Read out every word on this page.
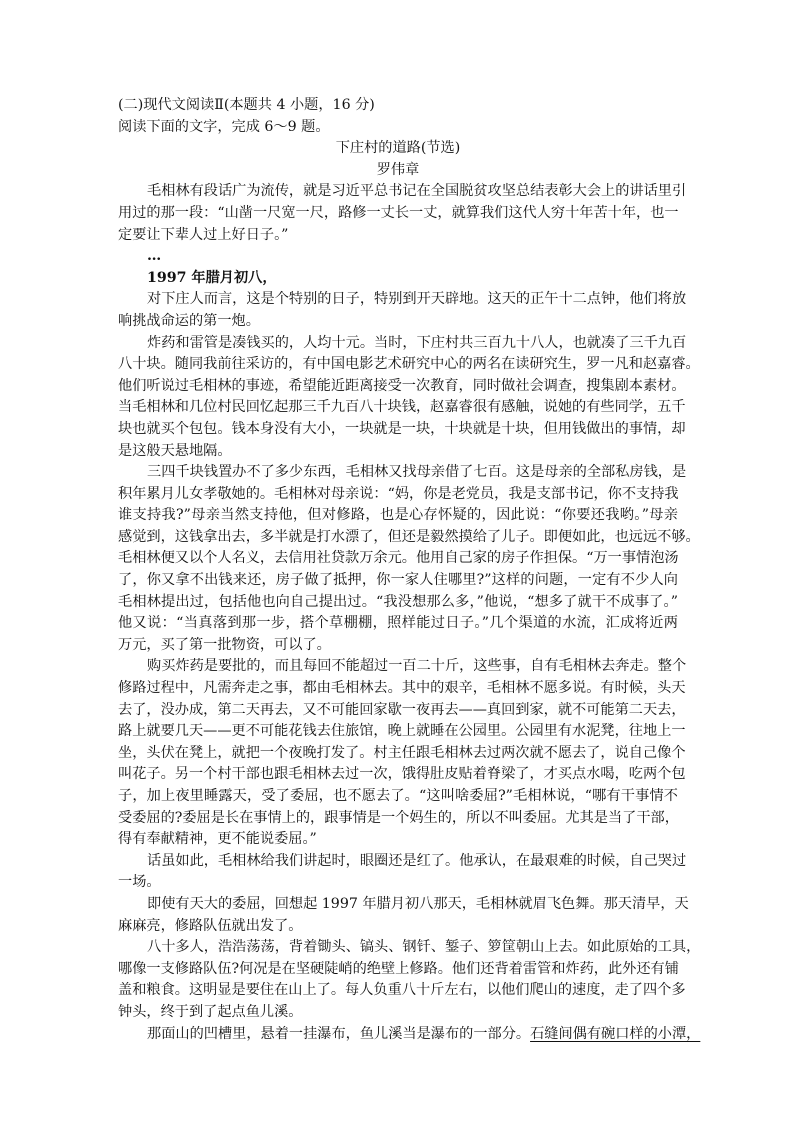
(二)现代文阅读Ⅱ(本题共 4 小题，16 分)
阅读下面的文字，完成 6～9 题。
下庄村的道路(节选)
罗伟章

毛相林有段话广为流传，就是习近平总书记在全国脱贫攻坚总结表彰大会上的讲话里引
用过的那一段：“山凿一尺宽一尺，路修一丈长一丈，就算我们这代人穷十年苦十年，也一
定要让下辈人过上好日子。”

…

1997 年腊月初八，

对下庄人而言，这是个特别的日子，特别到开天辟地。这天的正午十二点钟，他们将放
响挑战命运的第一炮。

炸药和雷管是凑钱买的，人均十元。当时，下庄村共三百九十八人，也就凑了三千九百
八十块。随同我前往采访的，有中国电影艺术研究中心的两名在读研究生，罗一凡和赵嘉睿。
他们听说过毛相林的事迹，希望能近距离接受一次教育，同时做社会调查，搜集剧本素材。
当毛相林和几位村民回忆起那三千九百八十块钱，赵嘉睿很有感触，说她的有些同学，五千
块也就买个包包。钱本身没有大小，一块就是一块，十块就是十块，但用钱做出的事情，却
是这般天悬地隔。

三四千块钱置办不了多少东西，毛相林又找母亲借了七百。这是母亲的全部私房钱，是
积年累月儿女孝敬她的。毛相林对母亲说：“妈，你是老党员，我是支部书记，你不支持我
谁支持我?”母亲当然支持他，但对修路，也是心存怀疑的，因此说：“你要还我哟。”母亲
感觉到，这钱拿出去，多半就是打水漂了，但还是毅然摸给了儿子。即便如此，也远远不够。
毛相林便又以个人名义，去信用社贷款万余元。他用自己家的房子作担保。“万一事情泡汤
了，你又拿不出钱来还，房子做了抵押，你一家人住哪里?”这样的问题，一定有不少人向
毛相林提出过，包括他也向自己提出过。“我没想那么多，”他说，“想多了就干不成事了。”
他又说：“当真落到那一步，搭个草棚棚，照样能过日子。”几个渠道的水流，汇成将近两
万元，买了第一批物资，可以了。

购买炸药是要批的，而且每回不能超过一百二十斤，这些事，自有毛相林去奔走。整个
修路过程中，凡需奔走之事，都由毛相林去。其中的艰辛，毛相林不愿多说。有时候，头天
去了，没办成，第二天再去，又不可能回家歇一夜再去——真回到家，就不可能第二天去，
路上就要几天——更不可能花钱去住旅馆，晚上就睡在公园里。公园里有水泥凳，往地上一
坐，头伏在凳上，就把一个夜晚打发了。村主任跟毛相林去过两次就不愿去了，说自己像个
叫花子。另一个村干部也跟毛相林去过一次，饿得肚皮贴着脊梁了，才买点水喝，吃两个包
子，加上夜里睡露天，受了委屈，也不愿去了。“这叫啥委屈?”毛相林说，“哪有干事情不
受委屈的?委屈是长在事情上的，跟事情是一个妈生的，所以不叫委屈。尤其是当了干部，
得有奉献精神，更不能说委屈。”

话虽如此，毛相林给我们讲起时，眼圈还是红了。他承认，在最艰难的时候，自己哭过
一场。

即使有天大的委屈，回想起 1997 年腊月初八那天，毛相林就眉飞色舞。那天清早，天
麻麻亮，修路队伍就出发了。

八十多人，浩浩荡荡，背着锄头、镐头、钢钎、錾子、箩筐朝山上去。如此原始的工具，
哪像一支修路队伍?何况是在坚硬陡峭的绝壁上修路。他们还背着雷管和炸药，此外还有铺
盖和粮食。这明显是要住在山上了。每人负重八十斤左右，以他们爬山的速度，走了四个多
钟头，终于到了起点鱼儿溪。

那面山的凹槽里，悬着一挂瀑布，鱼儿溪当是瀑布的一部分。石缝间偶有碗口样的小潭，
